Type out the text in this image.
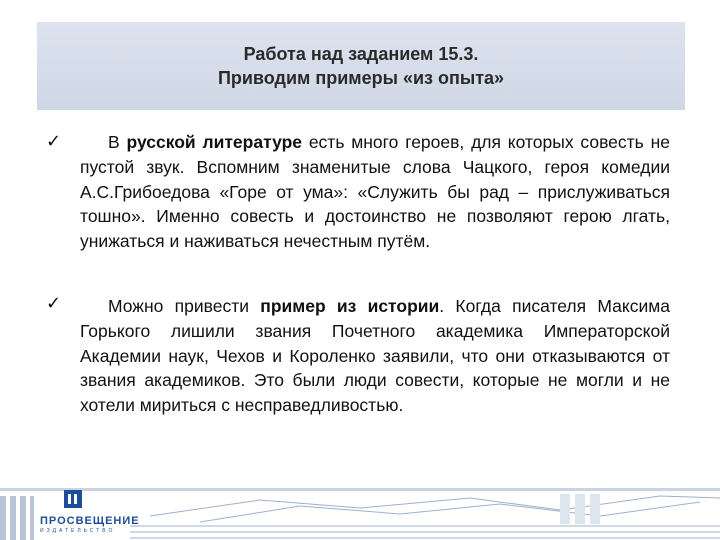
Работа над заданием 15.3.
Приводим примеры «из опыта»
✓	В русской литературе есть много героев, для которых совесть не пустой звук. Вспомним знаменитые слова Чацкого, героя комедии А.С.Грибоедова «Горе от ума»: «Служить бы рад – прислуживаться тошно». Именно совесть и достоинство не позволяют герою лгать, унижаться и наживаться нечестным путём.
✓	Можно привести пример из истории. Когда писателя Максима Горького лишили звания Почетного академика Императорской Академии наук, Чехов и Короленко заявили, что они отказываются от звания академиков. Это были люди совести, которые не могли и не хотели мириться с несправедливостью.
ПРОСВЕЩЕНИЕ
ИЗДАТЕЛЬСТВО
